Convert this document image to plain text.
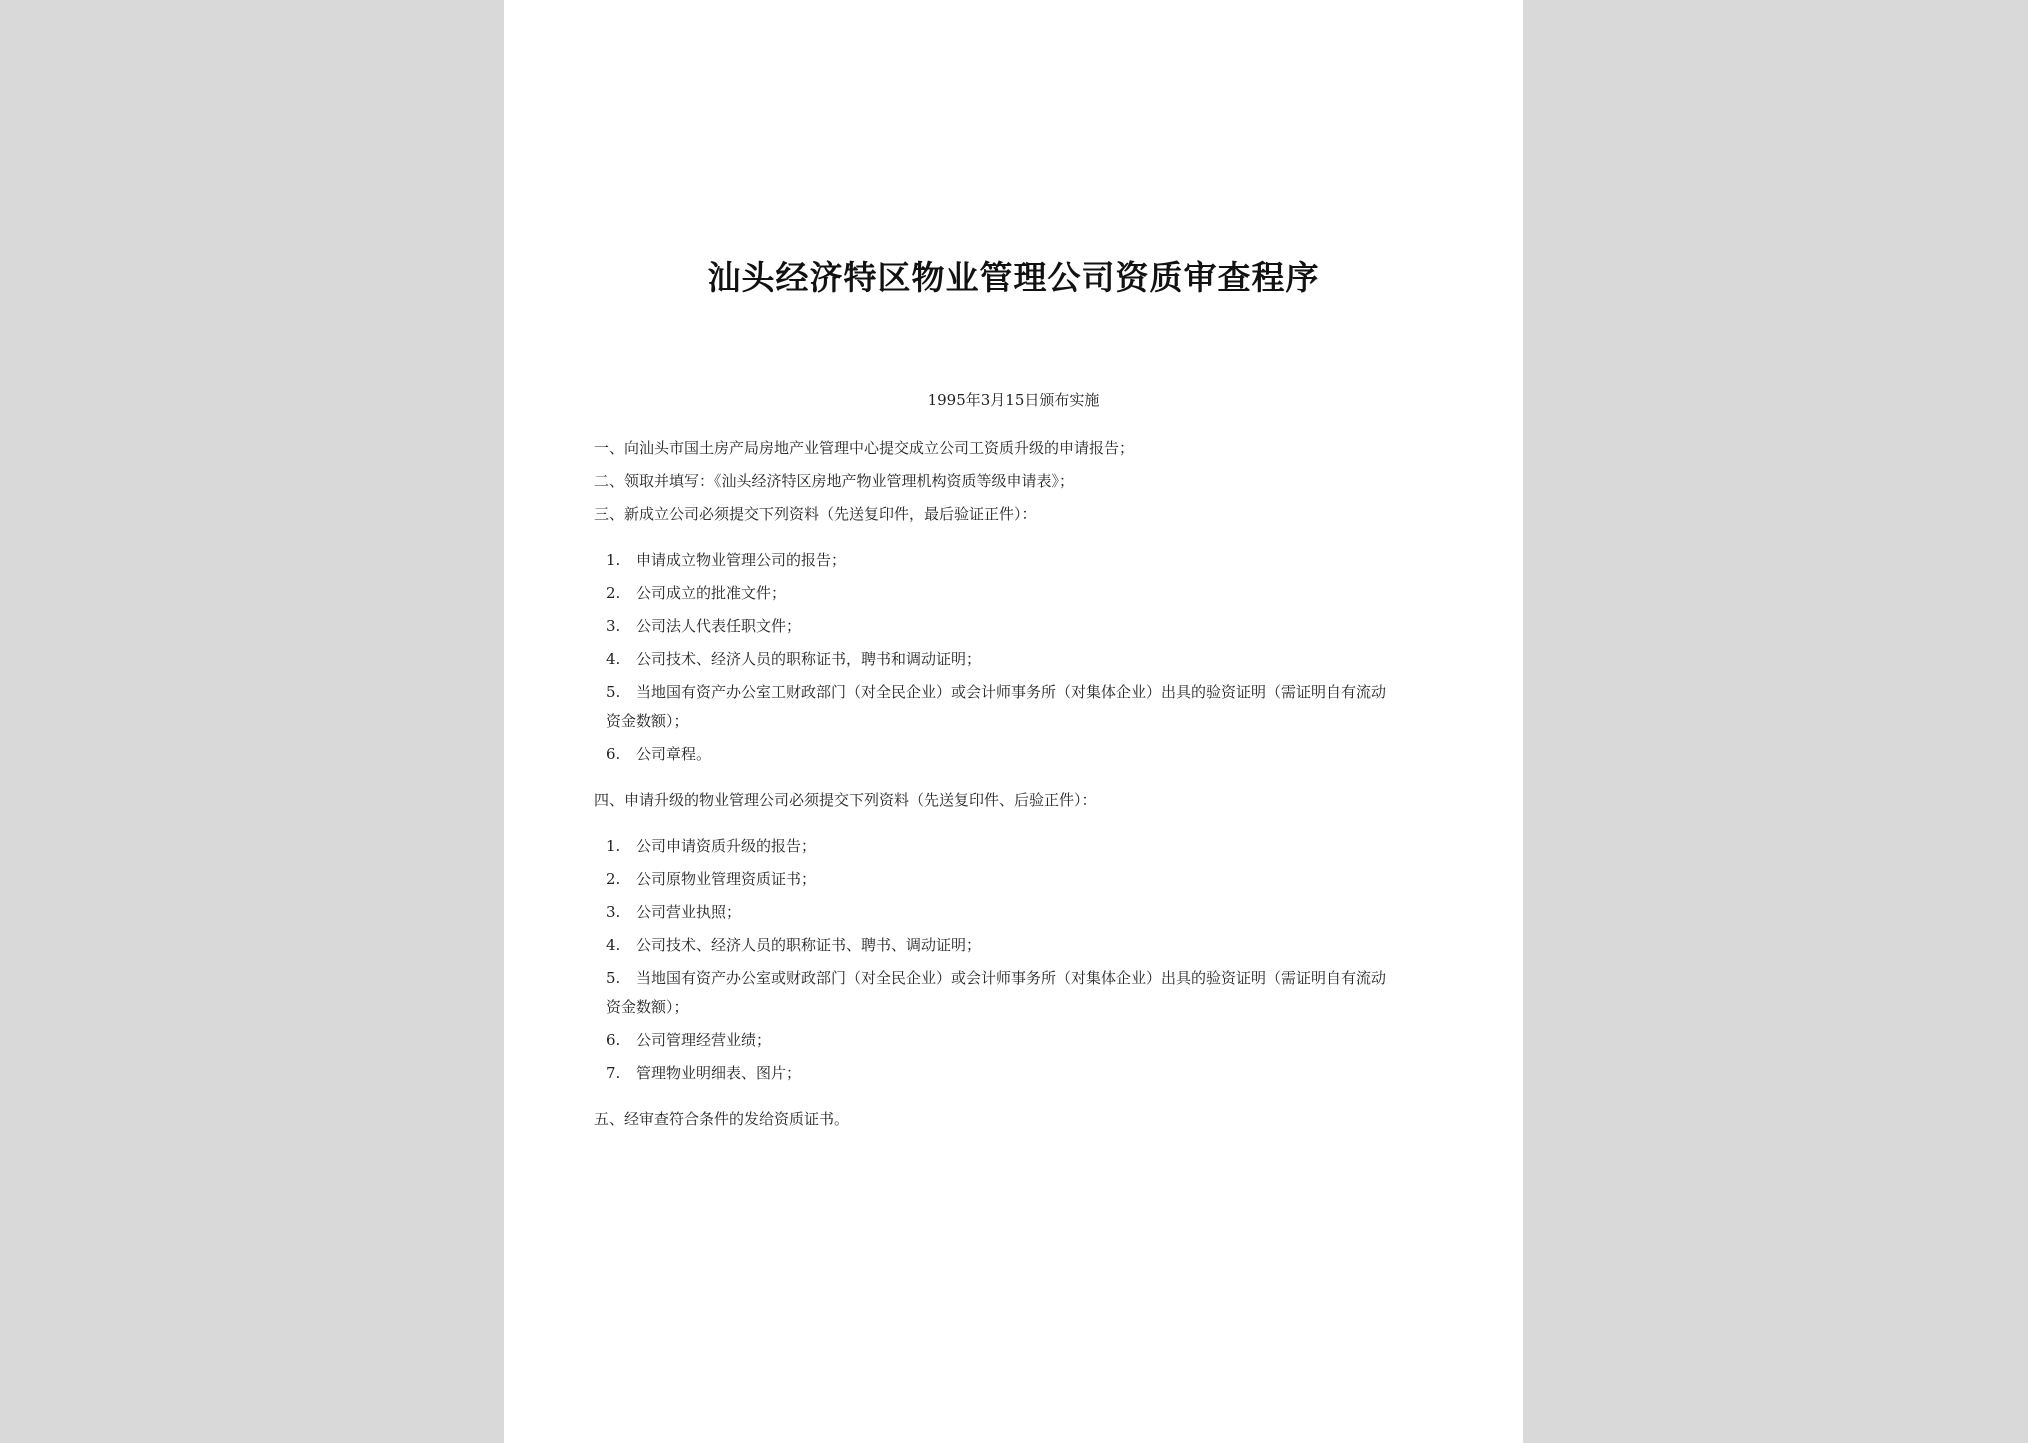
汕头经济特区物业管理公司资质审查程序
1995年3月15日颁布实施
一、向汕头市国土房产局房地产业管理中心提交成立公司工资质升级的申请报告；
二、领取并填写：《汕头经济特区房地产物业管理机构资质等级申请表》；
三、新成立公司必须提交下列资料（先送复印件，最后验证正件）：
1.	申请成立物业管理公司的报告；
2.	公司成立的批准文件；
3.	公司法人代表任职文件；
4.	公司技术、经济人员的职称证书，聘书和调动证明；
5.	当地国有资产办公室工财政部门（对全民企业）或会计师事务所（对集体企业）出具的验资证明（需证明自有流动
资金数额）；
6.	公司章程。
四、申请升级的物业管理公司必须提交下列资料（先送复印件、后验正件）：
1.	公司申请资质升级的报告；
2.	公司原物业管理资质证书；
3.	公司营业执照；
4.	公司技术、经济人员的职称证书、聘书、调动证明；
5.	当地国有资产办公室或财政部门（对全民企业）或会计师事务所（对集体企业）出具的验资证明（需证明自有流动
资金数额）；
6.	公司管理经营业绩；
7.	管理物业明细表、图片；
五、经审查符合条件的发给资质证书。
